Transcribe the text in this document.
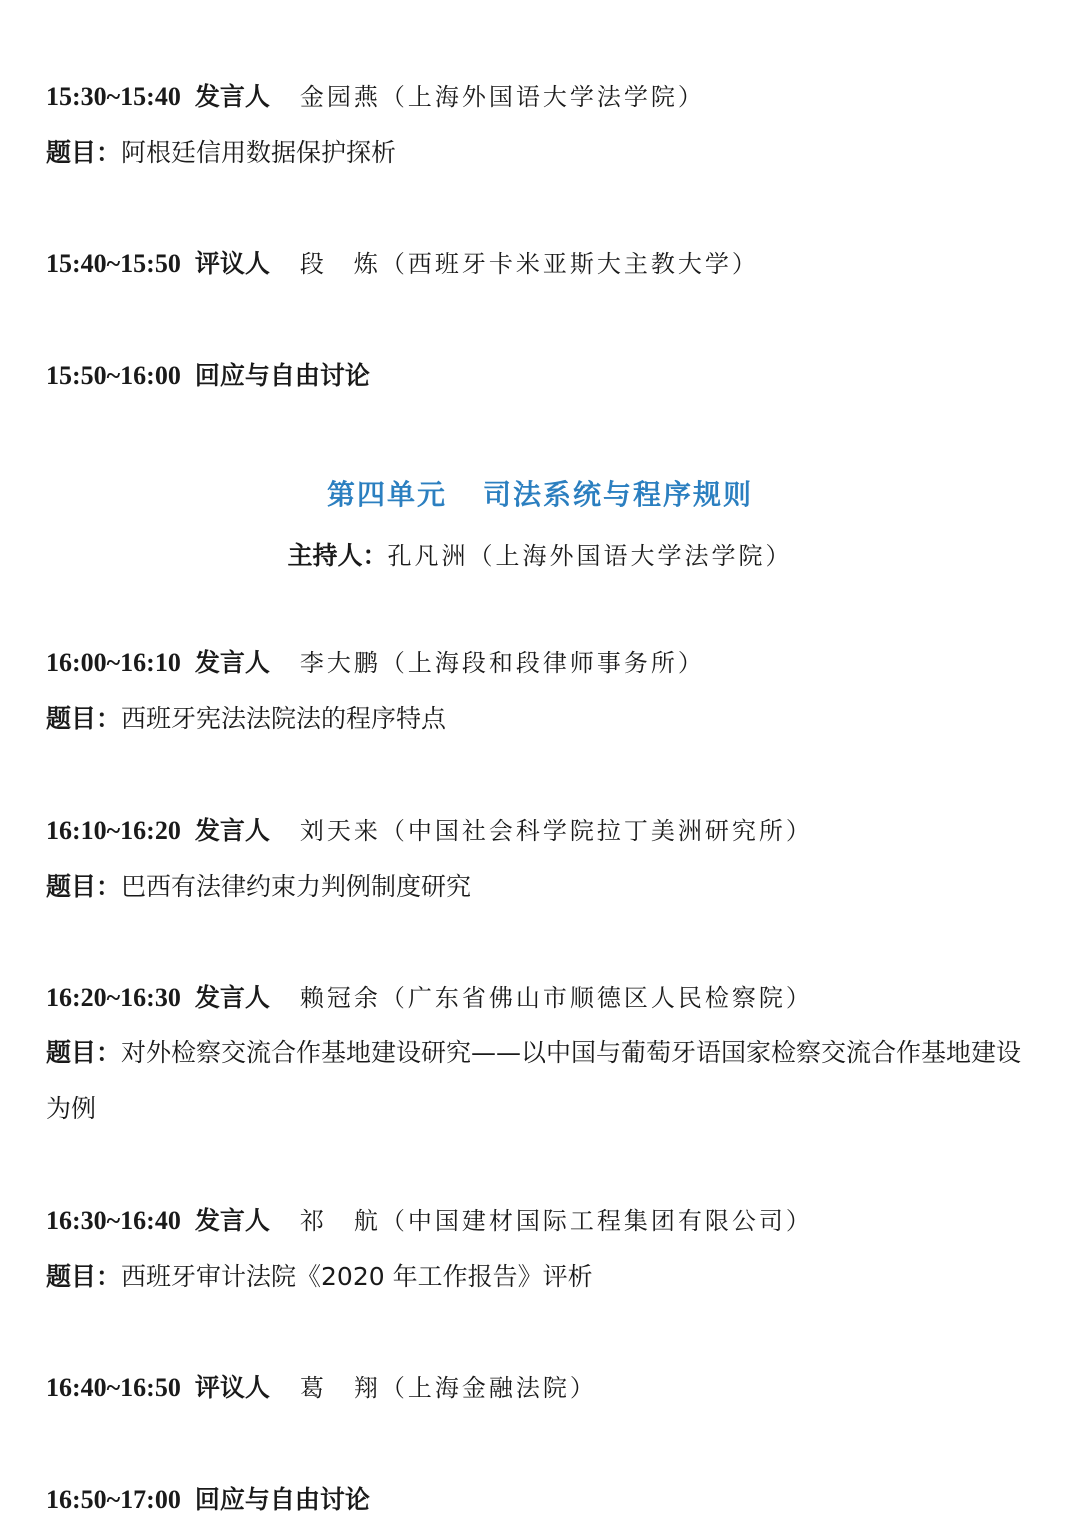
15:30~15:40 发言人 金园燕（上海外国语大学法学院）
题目：阿根廷信用数据保护探析
15:40~15:50 评议人 段　炼（西班牙卡米亚斯大主教大学）
15:50~16:00 回应与自由讨论
第四单元 司法系统与程序规则
主持人：孔凡洲（上海外国语大学法学院）
16:00~16:10 发言人 李大鹏（上海段和段律师事务所）
题目：西班牙宪法法院法的程序特点
16:10~16:20 发言人 刘天来（中国社会科学院拉丁美洲研究所）
题目：巴西有法律约束力判例制度研究
16:20~16:30 发言人 赖冠余（广东省佛山市顺德区人民检察院）
题目：对外检察交流合作基地建设研究——以中国与葡萄牙语国家检察交流合作基地建设为例
16:30~16:40 发言人 祁　航（中国建材国际工程集团有限公司）
题目：西班牙审计法院《2020 年工作报告》评析
16:40~16:50 评议人 葛　翔（上海金融法院）
16:50~17:00 回应与自由讨论
